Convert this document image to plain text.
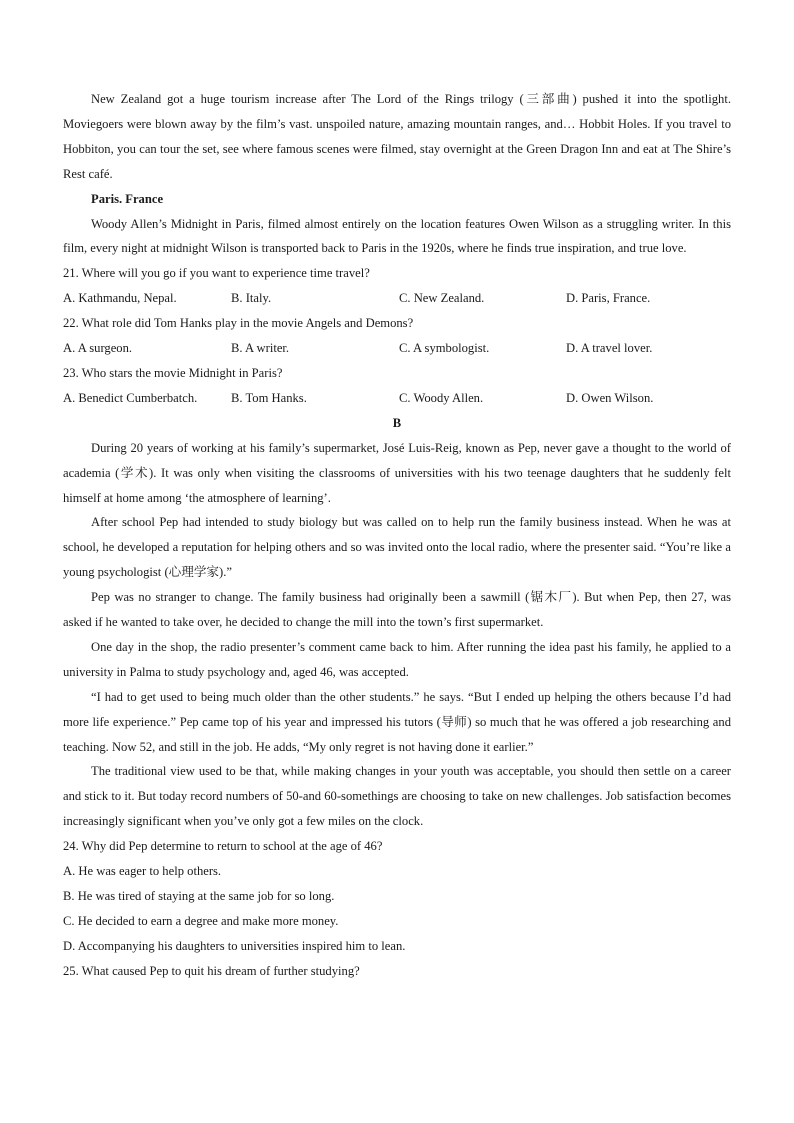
New Zealand got a huge tourism increase after The Lord of the Rings trilogy (三部曲) pushed it into the spotlight. Moviegoers were blown away by the film’s vast. unspoiled nature, amazing mountain ranges, and… Hobbit Holes. If you travel to Hobbiton, you can tour the set, see where famous scenes were filmed, stay overnight at the Green Dragon Inn and eat at The Shire’s Rest café.

Paris. France

Woody Allen’s Midnight in Paris, filmed almost entirely on the location features Owen Wilson as a struggling writer. In this film, every night at midnight Wilson is transported back to Paris in the 1920s, where he finds true inspiration, and true love.

21. Where will you go if you want to experience time travel?

A. Kathmandu, Nepal.	B. Italy.	C. New Zealand.	D. Paris, France.

22. What role did Tom Hanks play in the movie Angels and Demons?

A. A surgeon.	B. A writer.	C. A symbologist.	D. A travel lover.

23. Who stars the movie Midnight in Paris?

A. Benedict Cumberbatch.	B. Tom Hanks.	C. Woody Allen.	D. Owen Wilson.

B

During 20 years of working at his family’s supermarket, José Luis-Reig, known as Pep, never gave a thought to the world of academia (学术). It was only when visiting the classrooms of universities with his two teenage daughters that he suddenly felt himself at home among ‘the atmosphere of learning’.

After school Pep had intended to study biology but was called on to help run the family business instead. When he was at school, he developed a reputation for helping others and so was invited onto the local radio, where the presenter said. “You’re like a young psychologist (心理学家).”

Pep was no stranger to change. The family business had originally been a sawmill (锯木厂). But when Pep, then 27, was asked if he wanted to take over, he decided to change the mill into the town’s first supermarket.

One day in the shop, the radio presenter’s comment came back to him. After running the idea past his family, he applied to a university in Palma to study psychology and, aged 46, was accepted.

“I had to get used to being much older than the other students.” he says. “But I ended up helping the others because I’d had more life experience.” Pep came top of his year and impressed his tutors (导师) so much that he was offered a job researching and teaching. Now 52, and still in the job. He adds, “My only regret is not having done it earlier.”

The traditional view used to be that, while making changes in your youth was acceptable, you should then settle on a career and stick to it. But today record numbers of 50-and 60-somethings are choosing to take on new challenges. Job satisfaction becomes increasingly significant when you’ve only got a few miles on the clock.

24. Why did Pep determine to return to school at the age of 46?

A. He was eager to help others.

B. He was tired of staying at the same job for so long.

C. He decided to earn a degree and make more money.

D. Accompanying his daughters to universities inspired him to lean.

25. What caused Pep to quit his dream of further studying?
